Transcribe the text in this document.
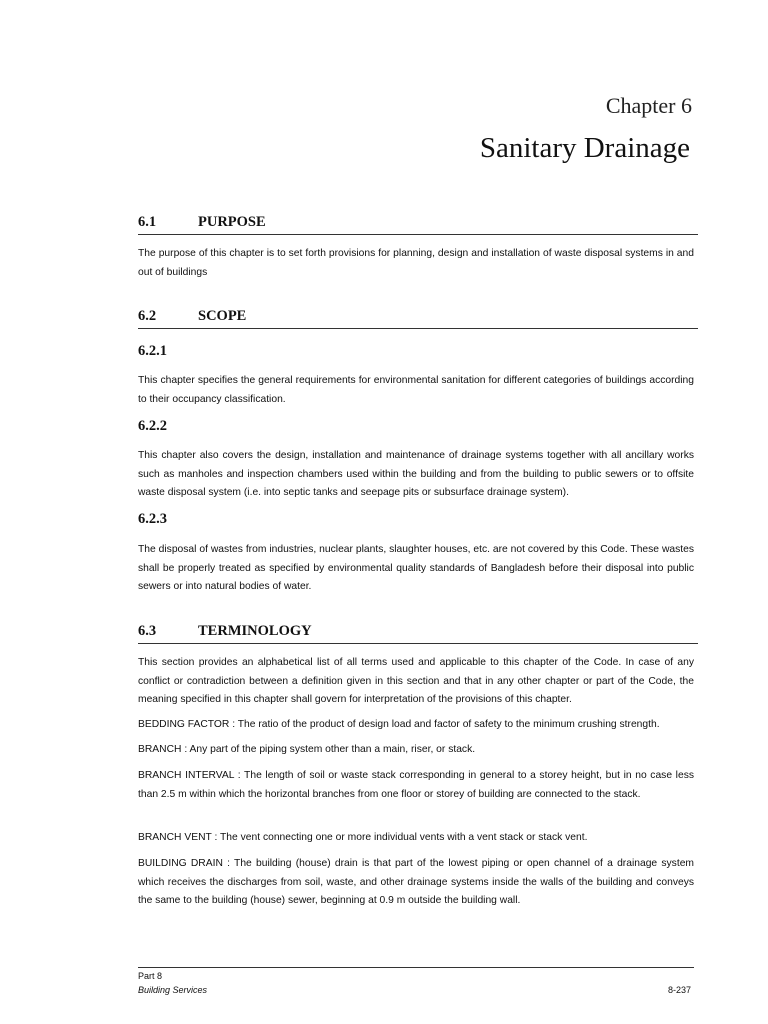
Chapter 6
Sanitary Drainage
6.1	PURPOSE

The purpose of this chapter is to set forth provisions for planning, design and installation of waste disposal systems in and out of buildings

6.2	SCOPE
6.2.1

This chapter specifies the general requirements for environmental sanitation for different categories of buildings according to their occupancy classification.

6.2.2

This chapter also covers the design, installation and maintenance of drainage systems together with all ancillary works such as manholes and inspection chambers used within the building and from the building to public sewers or to offsite waste disposal system (i.e. into septic tanks and seepage pits or subsurface drainage system).

6.2.3

The disposal of wastes from industries, nuclear plants, slaughter houses, etc. are not covered by this Code. These wastes shall be properly treated as specified by environmental quality standards of Bangladesh before their disposal into public sewers or into natural bodies of water.

6.3	TERMINOLOGY

This section provides an alphabetical list of all terms used and applicable to this chapter of the Code. In case of any conflict or contradiction between a definition given in this section and that in any other chapter or part of the Code, the meaning specified in this chapter shall govern for interpretation of the provisions of this chapter.

BEDDING FACTOR : The ratio of the product of design load and factor of safety to the minimum crushing strength.

BRANCH : Any part of the piping system other than a main, riser, or stack.

BRANCH INTERVAL : The length of soil or waste stack corresponding in general to a storey height, but in no case less than 2.5 m within which the horizontal branches from one floor or storey of building are connected to the stack.

BRANCH VENT : The vent connecting one or more individual vents with a vent stack or stack vent.

BUILDING DRAIN : The building (house) drain is that part of the lowest piping or open channel of a drainage system which receives the discharges from soil, waste, and other drainage systems inside the walls of the building and conveys the same to the building (house) sewer, beginning at 0.9 m outside the building wall.

Part 8
Building Services	8-237
